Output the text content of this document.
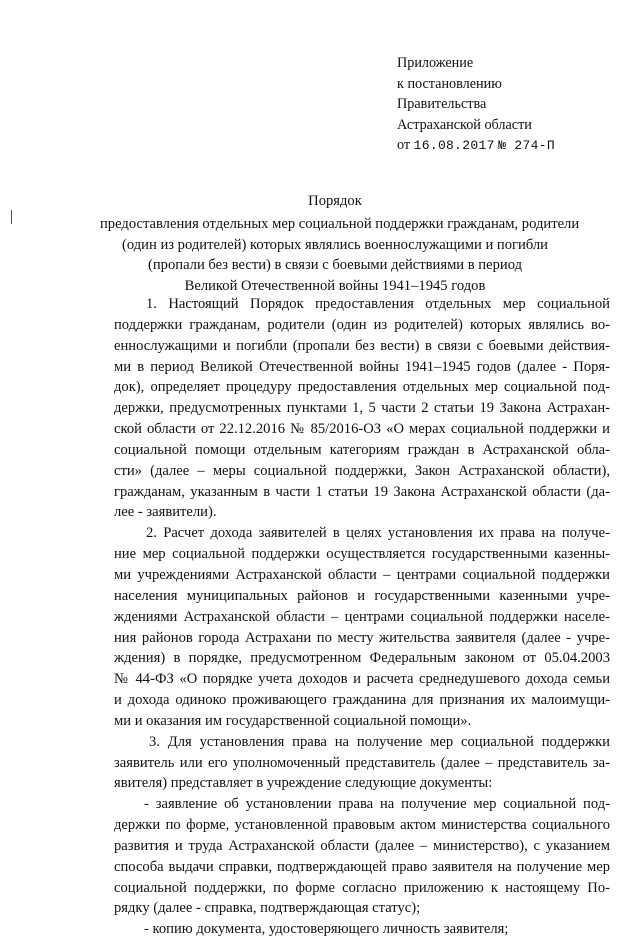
Приложение
к постановлению
Правительства
Астраханской области
от 16.08.2017 № 274-П
Порядок
предоставления отдельных мер социальной поддержки гражданам, родители
(один из родителей) которых являлись военнослужащими и погибли
(пропали без вести) в связи с боевыми действиями в период
Великой Отечественной войны 1941–1945 годов
1. Настоящий Порядок предоставления отдельных мер социальной
поддержки гражданам, родители (один из родителей) которых являлись во-
еннослужащими и погибли (пропали без вести) в связи с боевыми действия-
ми в период Великой Отечественной войны 1941–1945 годов (далее - Поря-
док), определяет процедуру предоставления отдельных мер социальной под-
держки, предусмотренных пунктами 1, 5 части 2 статьи 19 Закона Астрахан-
ской области от 22.12.2016 № 85/2016-ОЗ «О мерах социальной поддержки и
социальной помощи отдельным категориям граждан в Астраханской обла-
сти» (далее – меры социальной поддержки, Закон Астраханской области),
гражданам, указанным в части 1 статьи 19 Закона Астраханской области (да-
лее - заявители).
2. Расчет дохода заявителей в целях установления их права на получе-
ние мер социальной поддержки осуществляется государственными казенны-
ми учреждениями Астраханской области – центрами социальной поддержки
населения муниципальных районов и государственными казенными учре-
ждениями Астраханской области – центрами социальной поддержки населе-
ния районов города Астрахани по месту жительства заявителя (далее - учре-
ждения) в порядке, предусмотренном Федеральным законом от 05.04.2003
№ 44-ФЗ «О порядке учета доходов и расчета среднедушевого дохода семьи
и дохода одиноко проживающего гражданина для признания их малоимущи-
ми и оказания им государственной социальной помощи».
3. Для установления права на получение мер социальной поддержки
заявитель или его уполномоченный представитель (далее – представитель за-
явителя) представляет в учреждение следующие документы:
- заявление об установлении права на получение мер социальной под-
держки по форме, установленной правовым актом министерства социального
развития и труда Астраханской области (далее – министерство), с указанием
способа выдачи справки, подтверждающей право заявителя на получение мер
социальной поддержки, по форме согласно приложению к настоящему По-
рядку (далее - справка, подтверждающая статус);
- копию документа, удостоверяющего личность заявителя;
